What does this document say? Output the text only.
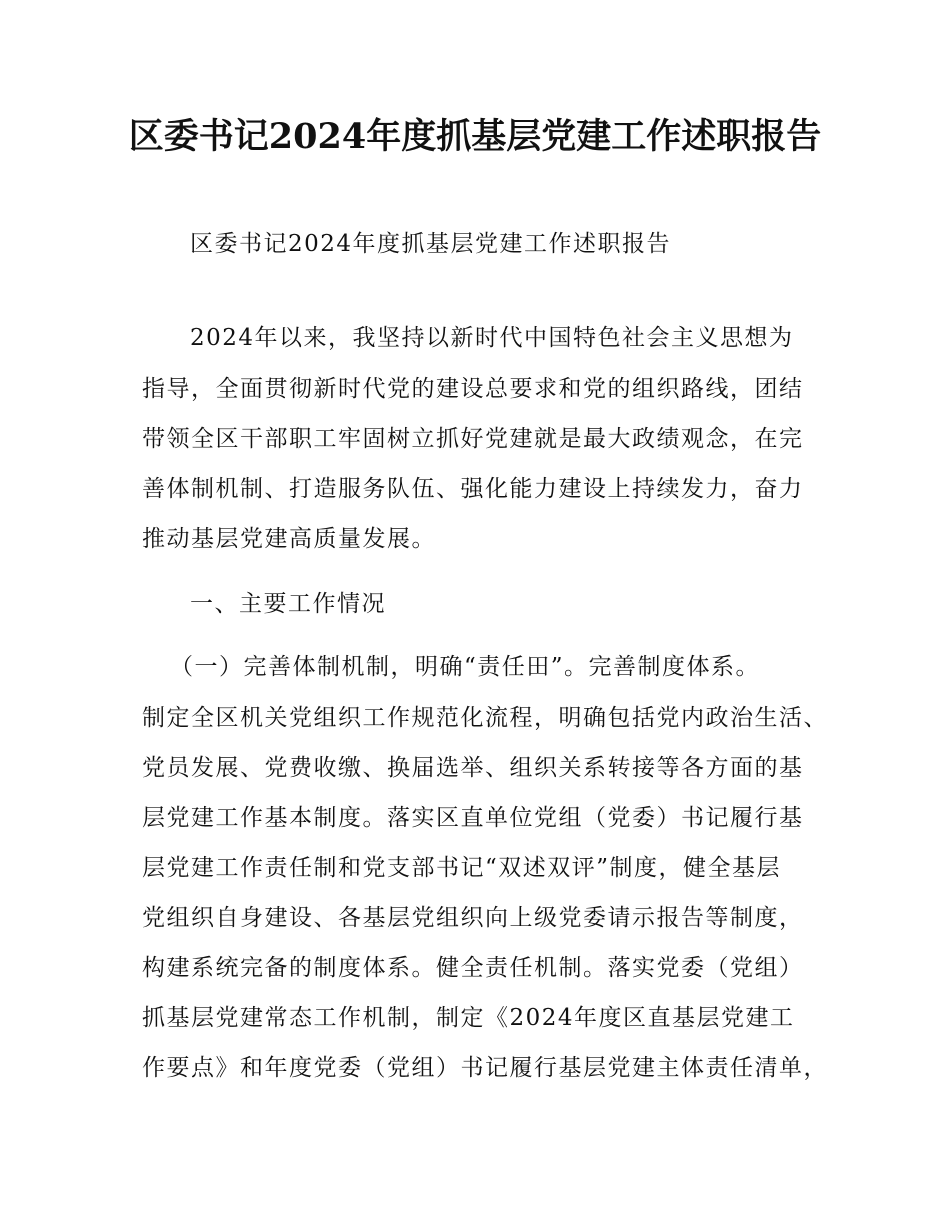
区委书记2024年度抓基层党建工作述职报告
区委书记2024年度抓基层党建工作述职报告
2024年以来，我坚持以新时代中国特色社会主义思想为
指导，全面贯彻新时代党的建设总要求和党的组织路线，团结
带领全区干部职工牢固树立抓好党建就是最大政绩观念，在完
善体制机制、打造服务队伍、强化能力建设上持续发力，奋力
推动基层党建高质量发展。
一、主要工作情况
（一）完善体制机制，明确“责任田”。完善制度体系。
制定全区机关党组织工作规范化流程，明确包括党内政治生活、
党员发展、党费收缴、换届选举、组织关系转接等各方面的基
层党建工作基本制度。落实区直单位党组（党委）书记履行基
层党建工作责任制和党支部书记“双述双评”制度，健全基层
党组织自身建设、各基层党组织向上级党委请示报告等制度，
构建系统完备的制度体系。健全责任机制。落实党委（党组）
抓基层党建常态工作机制，制定《2024年度区直基层党建工
作要点》和年度党委（党组）书记履行基层党建主体责任清单，
